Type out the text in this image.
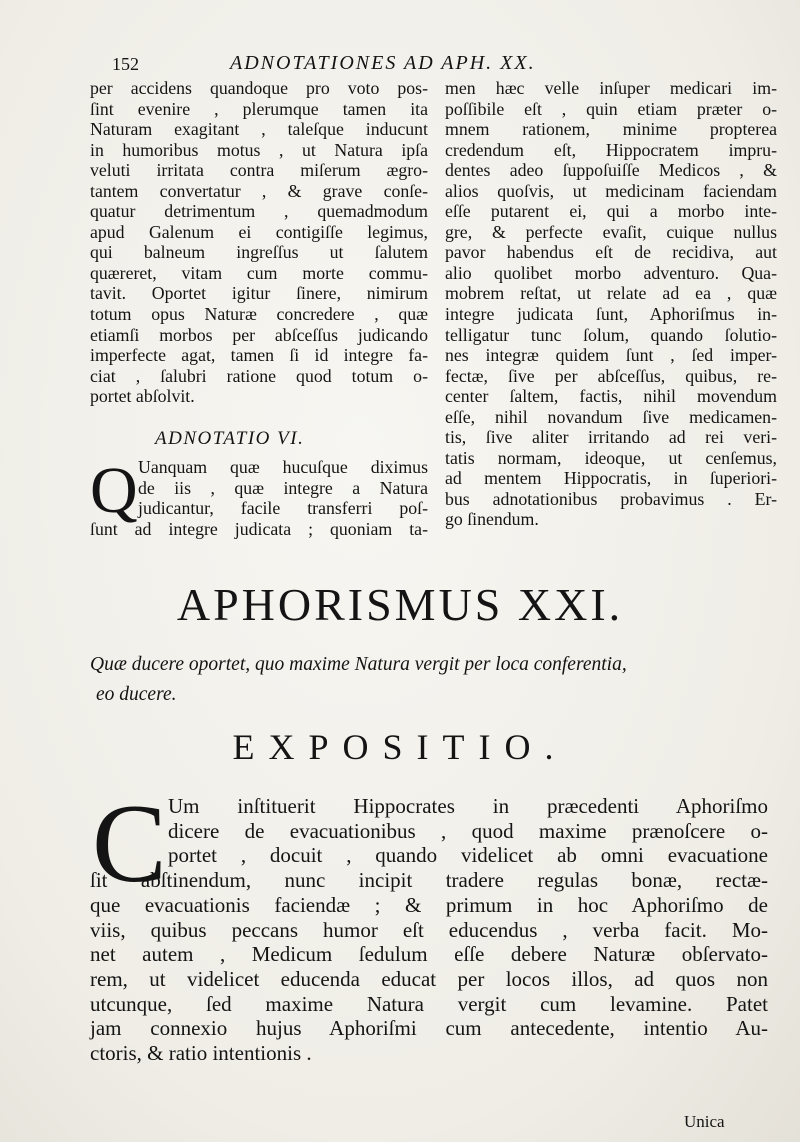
152	ADNOTATIONES AD APH. XX.
per accidens quandoque pro voto pos-
ſint evenire , plerumque tamen ita
Naturam exagitant , taleſque inducunt
in humoribus motus , ut Natura ipſa
veluti irritata contra miſerum ægro-
tantem convertatur , & grave conſe-
quatur detrimentum , quemadmodum
apud Galenum ei contigiſſe legimus,
qui balneum ingreſſus ut ſalutem
quæreret, vitam cum morte commu-
tavit. Oportet igitur ſinere, nimirum
totum opus Naturæ concredere , quæ
etiamſi morbos per abſceſſus judicando
imperfecte agat, tamen ſi id integre fa-
ciat , ſalubri ratione quod totum o-
portet abſolvit.
ADNOTATIO VI.
Q Uanquam quæ hucuſque diximus
de iis , quæ integre a Natura
judicantur, facile transferri poſ-
ſunt ad integre judicata ; quoniam ta-
men hæc velle inſuper medicari im-
poſſibile eſt , quin etiam præter o-
mnem rationem, minime propterea
credendum eſt, Hippocratem impru-
dentes adeo ſuppoſuiſſe Medicos , &
alios quoſvis, ut medicinam faciendam
eſſe putarent ei, qui a morbo inte-
gre, & perfecte evaſit, cuique nullus
pavor habendus eſt de recidiva, aut
alio quolibet morbo adventuro. Qua-
mobrem reſtat, ut relate ad ea , quæ
integre judicata ſunt, Aphoriſmus in-
telligatur tunc ſolum, quando ſolutio-
nes integræ quidem ſunt , ſed imper-
fectæ, ſive per abſceſſus, quibus, re-
center ſaltem, factis, nihil movendum
eſſe, nihil novandum ſive medicamen-
tis, ſive aliter irritando ad rei veri-
tatis normam, ideoque, ut cenſemus,
ad mentem Hippocratis, in ſuperiori-
bus adnotationibus probavimus . Er-
go ſinendum.
APHORISMUS XXI.
Quæ ducere oportet, quo maxime Natura vergit per loca conferentia,
eo ducere.
EXPOSITIO.
C Um inſtituerit Hippocrates in præcedenti Aphoriſmo
dicere de evacuationibus , quod maxime prænoſcere o-
portet , docuit , quando videlicet ab omni evacuatione
ſit abſtinendum, nunc incipit tradere regulas bonæ, rectæ-
que evacuationis faciendæ ; & primum in hoc Aphoriſmo de
viis, quibus peccans humor eſt educendus , verba facit. Mo-
net autem , Medicum ſedulum eſſe debere Naturæ obſervato-
rem, ut videlicet educenda educat per locos illos, ad quos non
utcunque, ſed maxime Natura vergit cum levamine. Patet
jam connexio hujus Aphoriſmi cum antecedente, intentio Au-
ctoris, & ratio intentionis .
Unica
